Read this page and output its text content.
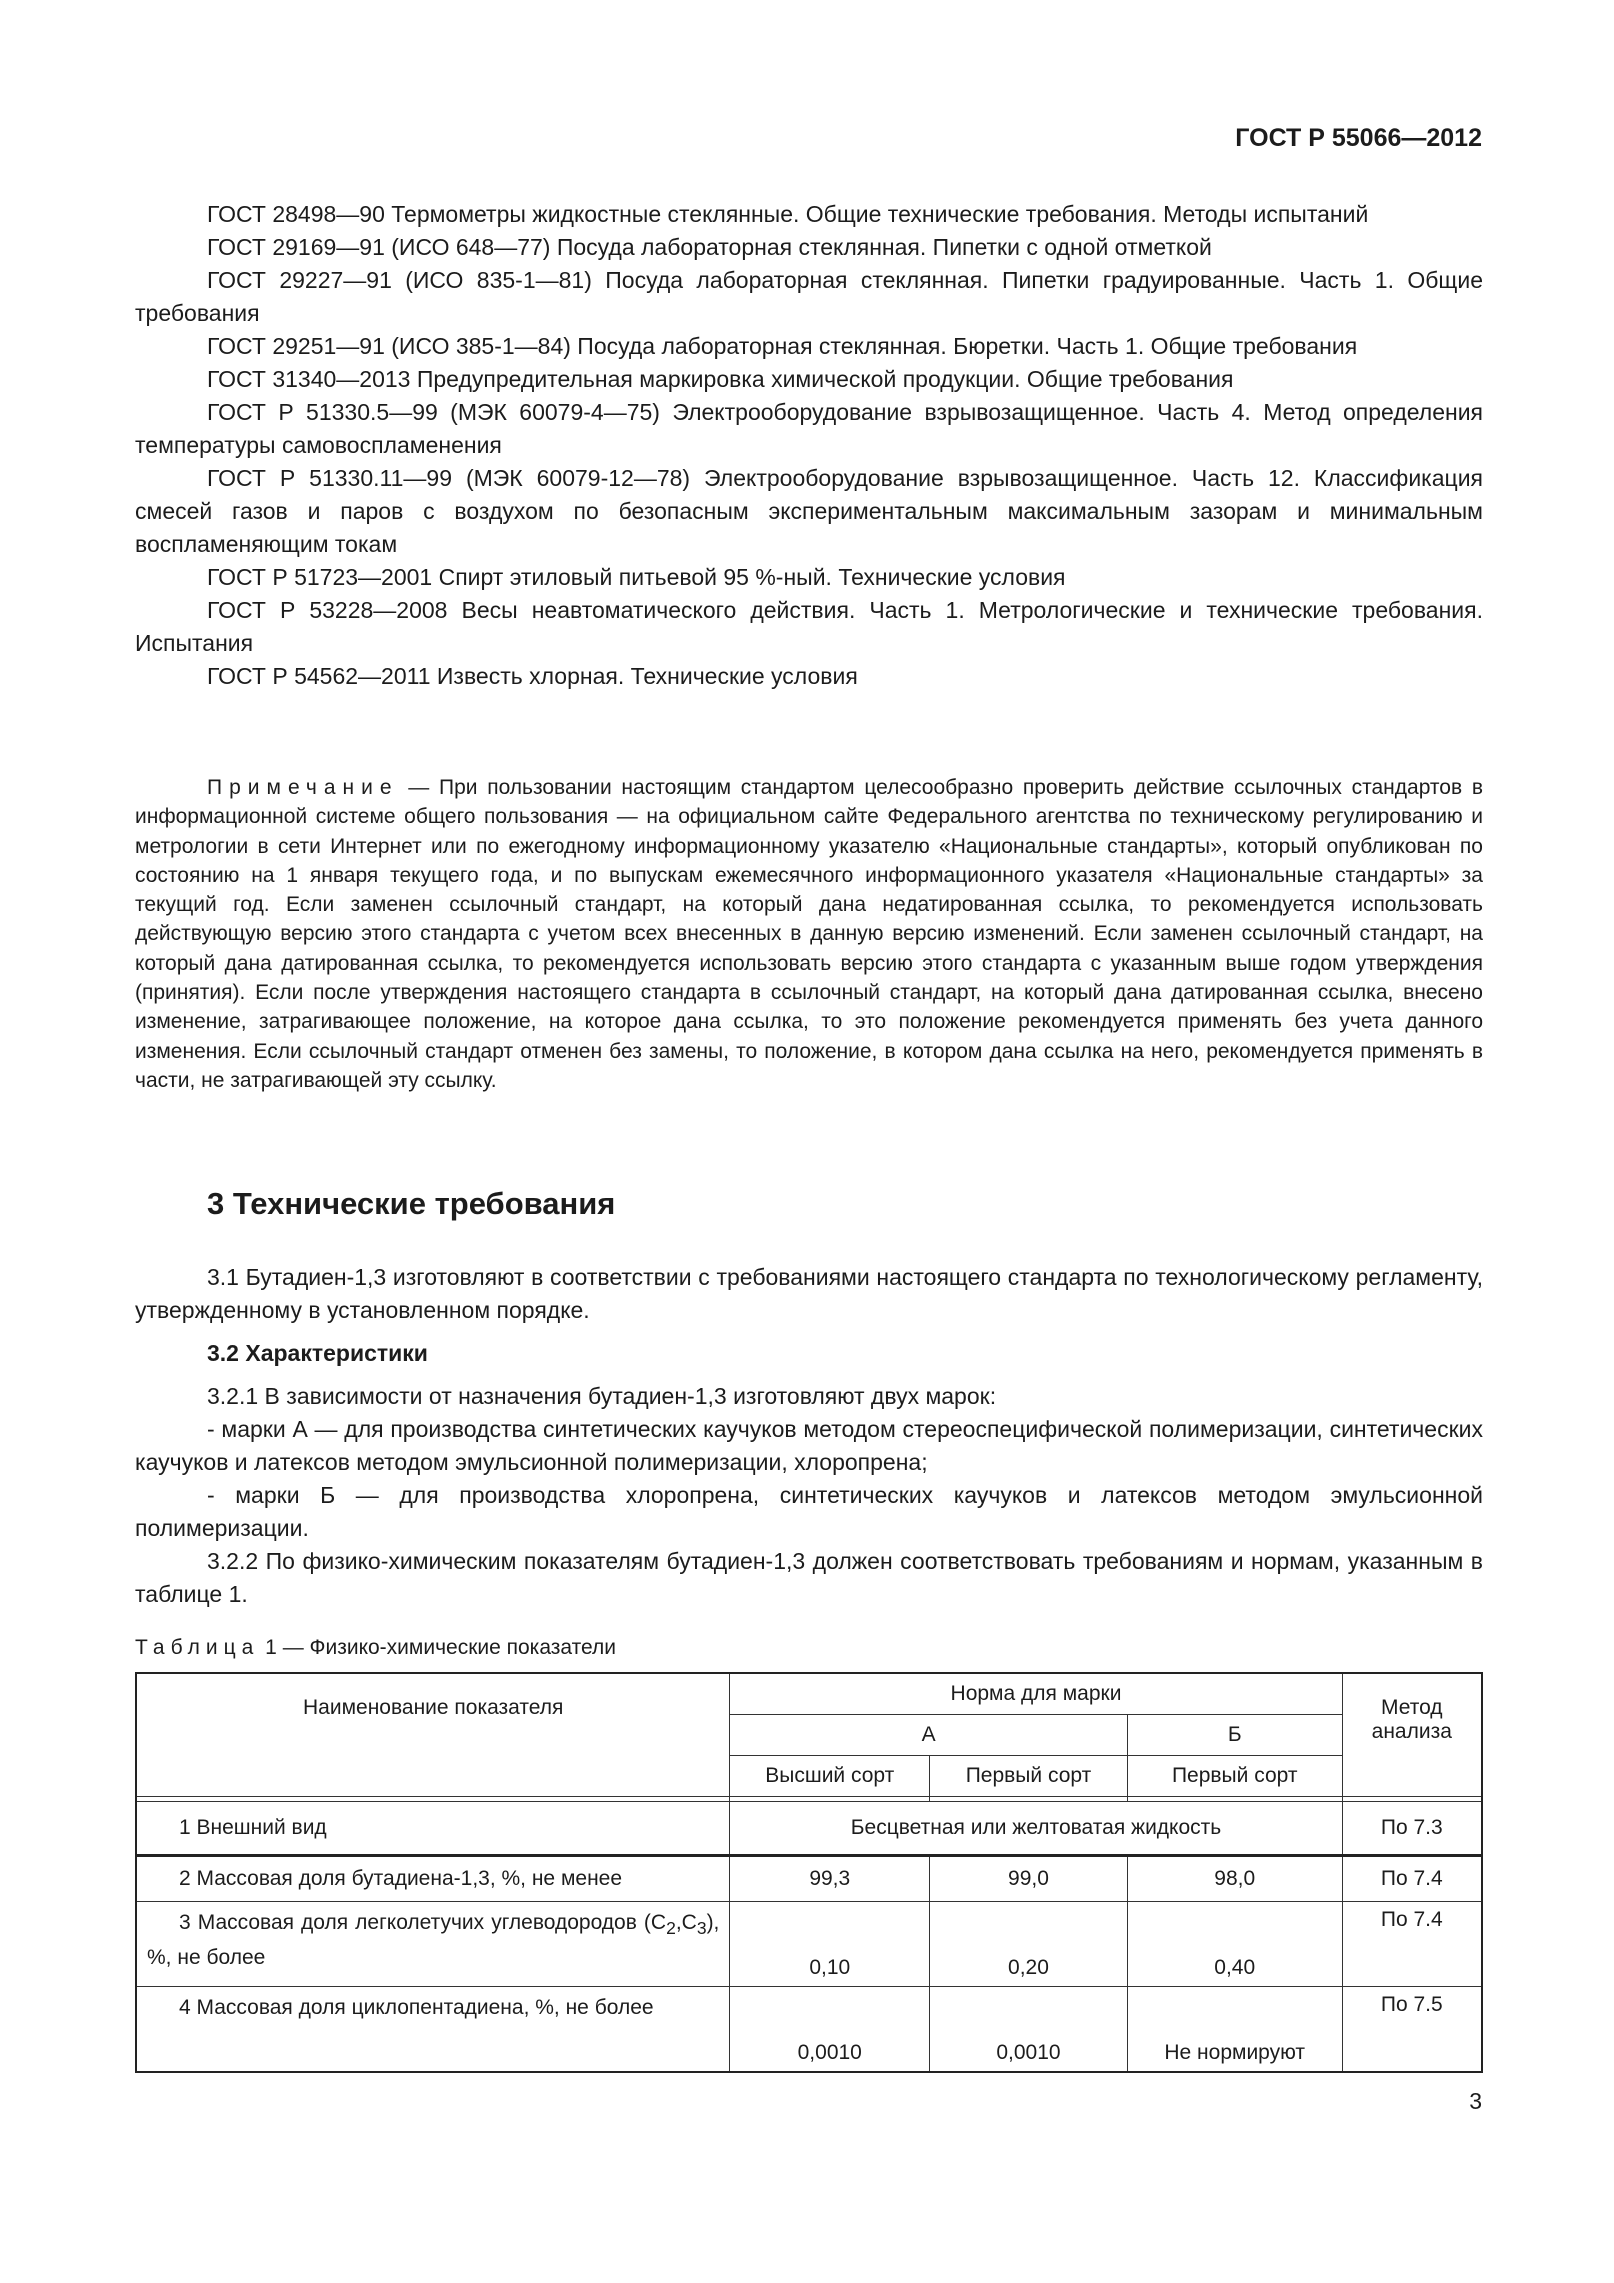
ГОСТ Р 55066—2012

ГОСТ 28498—90 Термометры жидкостные стеклянные. Общие технические требования. Методы испытаний

ГОСТ 29169—91 (ИСО 648—77) Посуда лабораторная стеклянная. Пипетки с одной отметкой

ГОСТ 29227—91 (ИСО 835-1—81) Посуда лабораторная стеклянная. Пипетки градуированные. Часть 1. Общие требования

ГОСТ 29251—91 (ИСО 385-1—84) Посуда лабораторная стеклянная. Бюретки. Часть 1. Общие требования

ГОСТ 31340—2013 Предупредительная маркировка химической продукции. Общие требования

ГОСТ Р 51330.5—99 (МЭК 60079-4—75) Электрооборудование взрывозащищенное. Часть 4. Метод определения температуры самовоспламенения

ГОСТ Р 51330.11—99 (МЭК 60079-12—78) Электрооборудование взрывозащищенное. Часть 12. Классификация смесей газов и паров с воздухом по безопасным экспериментальным максимальным зазорам и минимальным воспламеняющим токам

ГОСТ Р 51723—2001 Спирт этиловый питьевой 95 %-ный. Технические условия

ГОСТ Р 53228—2008 Весы неавтоматического действия. Часть 1. Метрологические и технические требования. Испытания

ГОСТ Р 54562—2011 Известь хлорная. Технические условия

Примечание — При пользовании настоящим стандартом целесообразно проверить действие ссылочных стандартов в информационной системе общего пользования — на официальном сайте Федерального агентства по техническому регулированию и метрологии в сети Интернет или по ежегодному информационному указателю «Национальные стандарты», который опубликован по состоянию на 1 января текущего года, и по выпускам ежемесячного информационного указателя «Национальные стандарты» за текущий год. Если заменен ссылочный стандарт, на который дана недатированная ссылка, то рекомендуется использовать действующую версию этого стандарта с учетом всех внесенных в данную версию изменений. Если заменен ссылочный стандарт, на который дана датированная ссылка, то рекомендуется использовать версию этого стандарта с указанным выше годом утверждения (принятия). Если после утверждения настоящего стандарта в ссылочный стандарт, на который дана датированная ссылка, внесено изменение, затрагивающее положение, на которое дана ссылка, то это положение рекомендуется применять без учета данного изменения. Если ссылочный стандарт отменен без замены, то положение, в котором дана ссылка на него, рекомендуется применять в части, не затрагивающей эту ссылку.

3 Технические требования

3.1 Бутадиен-1,3 изготовляют в соответствии с требованиями настоящего стандарта по технологическому регламенту, утвержденному в установленном порядке.

3.2 Характеристики

3.2.1 В зависимости от назначения бутадиен-1,3 изготовляют двух марок:

- марки А — для производства синтетических каучуков методом стереоспецифической полимеризации, синтетических каучуков и латексов методом эмульсионной полимеризации, хлоропрена;

- марки Б — для производства хлоропрена, синтетических каучуков и латексов методом эмульсионной полимеризации.

3.2.2 По физико-химическим показателям бутадиен-1,3 должен соответствовать требованиям и нормам, указанным в таблице 1.

Таблица 1 — Физико-химические показатели
Наименование показателя	Норма для марки			Метод анализа
	А		Б	
	Высший сорт	Первый сорт	Первый сорт	

1 Внешний вид	Бесцветная или желтоватая жидкость			По 7.3
2 Массовая доля бутадиена-1,3, %, не менее	99,3	99,0	98,0	По 7.4
3 Массовая доля легколетучих углеводородов $(C_2,C_3)$, %, не более	0,10	0,20	0,40	По 7.4
4 Массовая доля циклопентадиена, %, не более	0,0010	0,0010	Не нормируют	По 7.5
3
